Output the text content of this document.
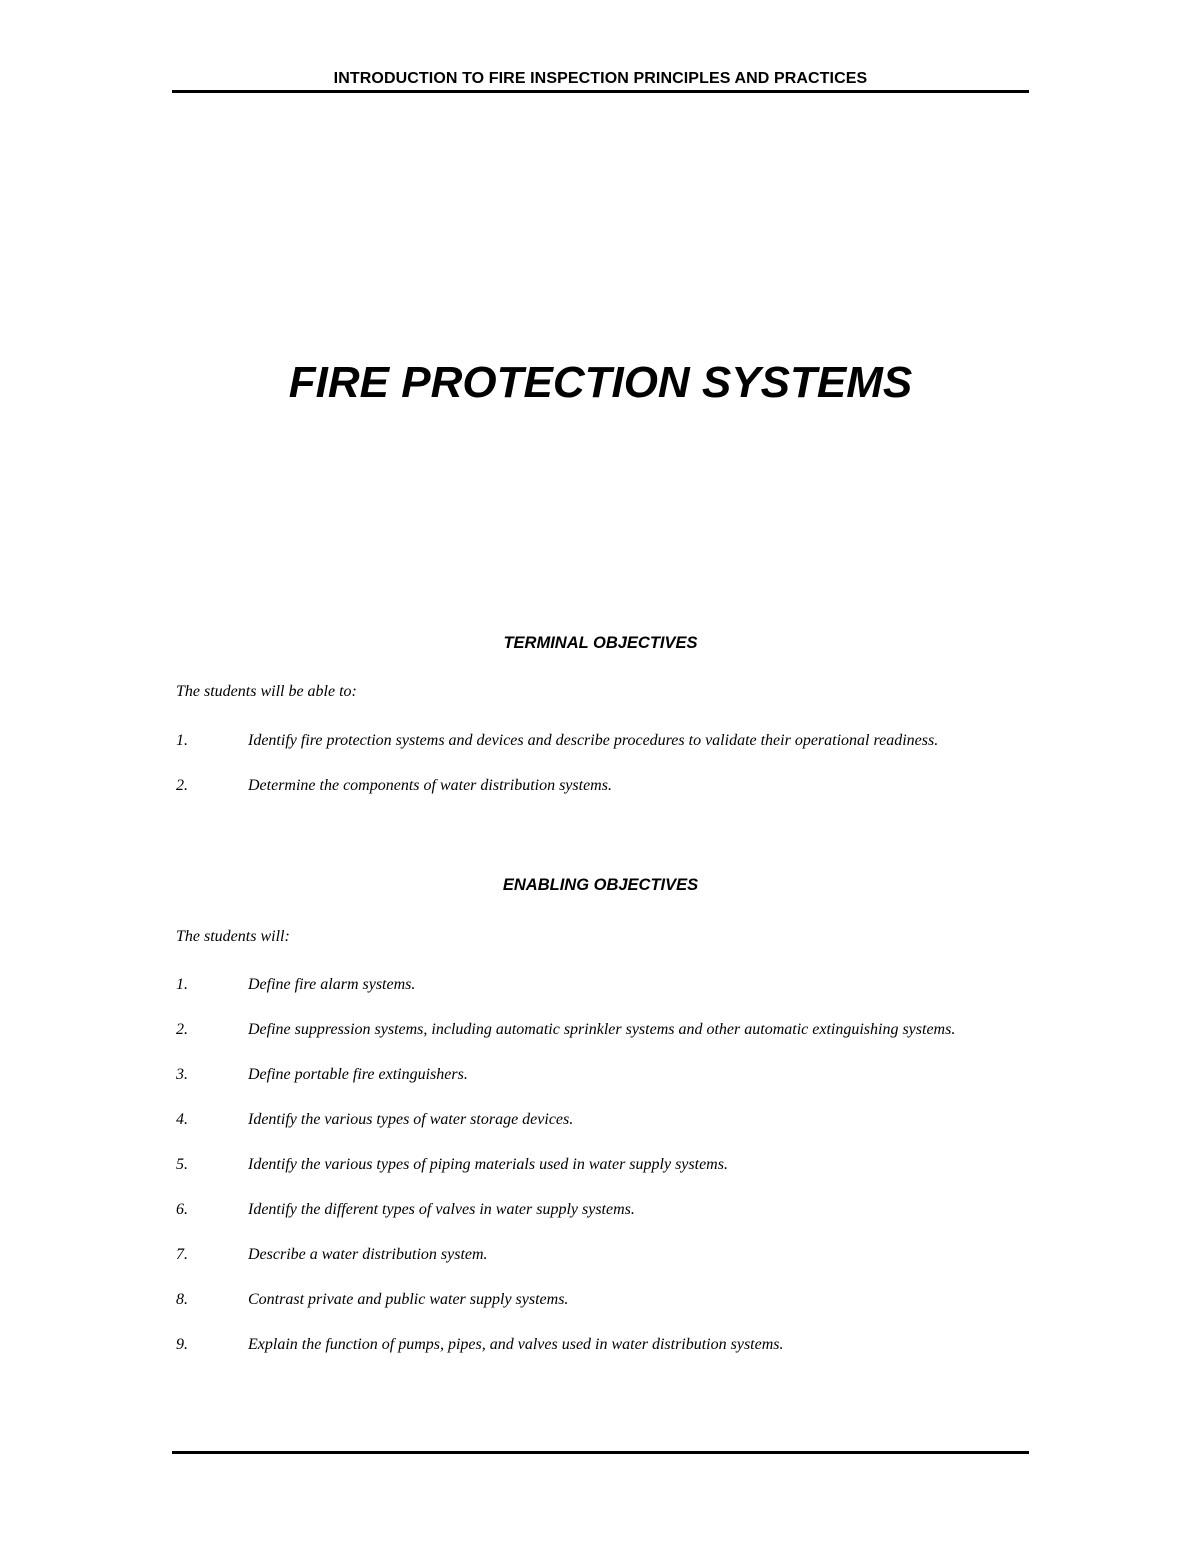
INTRODUCTION TO FIRE INSPECTION PRINCIPLES AND PRACTICES
FIRE PROTECTION SYSTEMS
TERMINAL OBJECTIVES
The students will be able to:
1.	Identify fire protection systems and devices and describe procedures to validate their operational readiness.
2.	Determine the components of water distribution systems.
ENABLING OBJECTIVES
The students will:
1.	Define fire alarm systems.
2.	Define suppression systems, including automatic sprinkler systems and other automatic extinguishing systems.
3.	Define portable fire extinguishers.
4.	Identify the various types of water storage devices.
5.	Identify the various types of piping materials used in water supply systems.
6.	Identify the different types of valves in water supply systems.
7.	Describe a water distribution system.
8.	Contrast private and public water supply systems.
9.	Explain the function of pumps, pipes, and valves used in water distribution systems.
